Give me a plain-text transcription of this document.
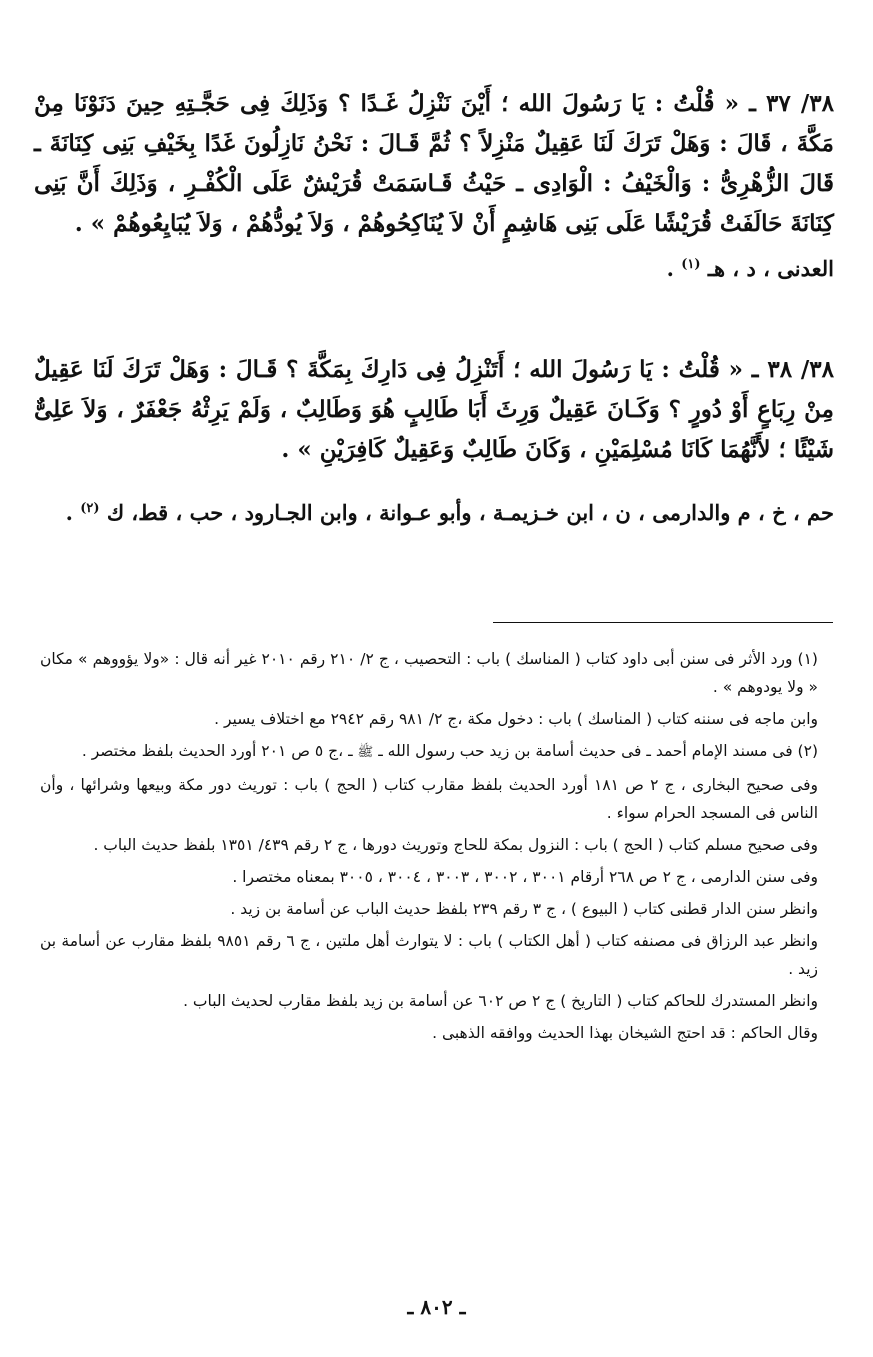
٣٨/ ٣٧ ـ « قُلْتُ : يَا رَسُولَ الله ؛ أَيْنَ نَنْزِلُ غَـدًا ؟ وَذَلِكَ فِى حَجَّـتِهِ حِينَ دَنَوْنَا مِنْ مَكَّةَ ، قَالَ : وَهَلْ تَرَكَ لَنَا عَقِيلٌ مَنْزِلاً ؟ ثُمَّ قَـالَ : نَحْنُ نَازِلُونَ غَدًا بِخَيْفِ بَنِى كِنَانَةَ ـ قَالَ الزُّهْرِىُّ : وَالْخَيْفُ : الْوَادِى ـ حَيْثُ قَـاسَمَتْ قُرَيْشٌ عَلَى الْكُفْـرِ ، وَذَلِكَ أَنَّ بَنِى كِنَانَةَ حَالَفَتْ قُرَيْشًا عَلَى بَنِى هَاشِمٍ أَنْ لاَ يُنَاكِحُوهُمْ ، وَلاَ يُودُّهُمْ ، وَلاَ يُبَايِعُوهُمْ » .

العدنى ، د ، هـ $^{(١)}$ .

٣٨/ ٣٨ ـ « قُلْتُ : يَا رَسُولَ الله ؛ أَتَنْزِلُ فِى دَارِكَ بِمَكَّةَ ؟ قَـالَ : وَهَلْ تَرَكَ لَنَا عَقِيلٌ مِنْ رِبَاعٍ أَوْ دُورٍ ؟ وَكَـانَ عَقِيلٌ وَرِثَ أَبَا طَالِبٍ هُوَ وَطَالِبٌ ، وَلَمْ يَرِثْهُ جَعْفَرٌ ، وَلاَ عَلِىٌّ شَيْئًا ؛ لأَنَّهُمَا كَانَا مُسْلِمَيْنِ ، وَكَانَ طَالِبٌ وَعَقِيلٌ كَافِرَيْنِ » .

حم ، خ ، م والدارمى ، ن ، ابن خـزيمـة ، وأبو عـوانة ، وابن الجـارود ، حب ، قط، ك $^{(٢)}$ .

(١) ورد الأثر فى سنن أبى داود كتاب ( المناسك ) باب : التحصيب ، ج ٢/ ٢١٠ رقم ٢٠١٠ غير أنه قال : «ولا يؤووهم » مكان « ولا يودوهم » .

وابن ماجه فى سننه كتاب ( المناسك ) باب : دخول مكة ،ج ٢/ ٩٨١ رقم ٢٩٤٢ مع اختلاف يسير .

(٢) فى مسند الإمام أحمد ـ فى حديث أسامة بن زيد حب رسول الله ـ ﷺ ـ ،ج ٥ ص ٢٠١ أورد الحديث بلفظ مختصر .

وفى صحيح البخارى ، ج ٢ ص ١٨١ أورد الحديث بلفظ مقارب كتاب ( الحج ) باب : توريث دور مكة وبيعها وشرائها ، وأن الناس فى المسجد الحرام سواء .

وفى صحيح مسلم كتاب ( الحج ) باب : النزول بمكة للحاج وتوريث دورها ، ج ٢ رقم ٤٣٩/ ١٣٥١ بلفظ حديث الباب .

وفى سنن الدارمى ، ج ٢ ص ٢٦٨ أرقام ٣٠٠١ ، ٣٠٠٢ ، ٣٠٠٣ ، ٣٠٠٤ ، ٣٠٠٥ بمعناه مختصرا .

وانظر سنن الدار قطنى كتاب ( البيوع ) ، ج ٣ رقم ٢٣٩ بلفظ حديث الباب عن أسامة بن زيد .

وانظر عبد الرزاق فى مصنفه كتاب ( أهل الكتاب ) باب : لا يتوارث أهل ملتين ، ج ٦ رقم ٩٨٥١ بلفظ مقارب عن أسامة بن زيد .

وانظر المستدرك للحاكم كتاب ( التاريخ ) ج ٢ ص ٦٠٢ عن أسامة بن زيد بلفظ مقارب لحديث الباب .

وقال الحاكم : قد احتج الشيخان بهذا الحديث ووافقه الذهبى .

ـ ٨٠٢ ـ
